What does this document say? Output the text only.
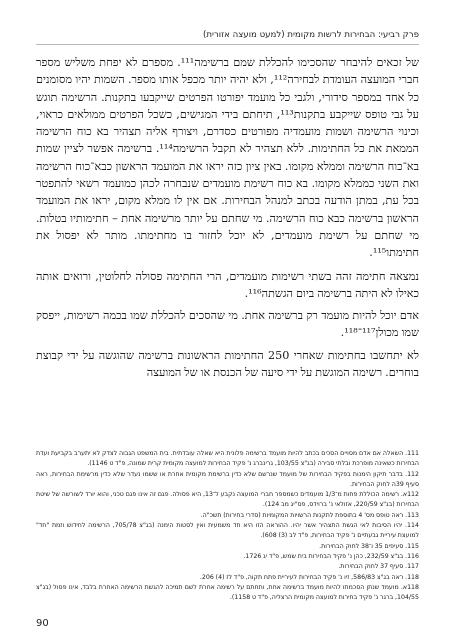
פרק רביעי: הבחירות לרשות מקומית (למעט מועצה אזורית)

של זכאים להיבחר שהסכימו להכללת שמם ברשימה¹¹¹. מספרם לא יפחת משליש מספר חברי המועצה העומדת לבחירה¹¹², ולא יהיה יותר מכפל אותו מספר. השמות יהיו מסומנים כל אחד במספר סידורי, ולגבי כל מועמד יפורטו הפרטים שייקבעו בתקנות. הרשימה תוגש על גבי טופס שייקבע בתקנות¹¹³, תיחתם בידי המגישים, כשכל הפרטים ממולאים כראוי, וכינוי הרשימה ושמות מועמדיה מפורטים כסדרם, ויצורף אליה תצהיר בא כוח הרשימה הממאת את כל החתימות. ללא תצהיר לא תקבל הרשימה¹¹⁴. ברשימה אפשר לציין שמות בא־כוח הרשימה וממלא מקומו. באין ציון כזה יראו את המועמד הראשון כבא־כוח הרשימה ואת השני כממלא מקומו. בא כוח רשימת מועמדים שנבחרה לכהן כמועמד רשאי להתפטר בכל עת, במתן הודעה בכתב למנהל הבחירות. אם אין לו ממלא מקום, יראו את המועמד הראשון ברשימה כבא כוח הרשימה. מי שחתם על יותר מרשימה אחת – חתימותיו בטלות. מי שחתם על רשימת מועמדים, לא יוכל לחזור בו מחתימתו. מותר לא יפסול את חתימתו¹¹⁵.

נמצאה חתימה זהה בשתי רשימות מועמדים, הרי החתימה פסולה לחלוטין, ורואים אותה כאילו לא היתה ברשימה ביום הגשתה¹¹⁶.

אדם יוכל להיות מועמד רק ברשימה אחת. מי שהסכים להכללת שמו בכמה רשימות, ייפסק שמו מכולן¹¹⁷־¹¹⁸.

לא יתחשבו בחתימות שאחרי 250 החתימות הראשונות ברשימה שהוגשה על ידי קבוצת בוחרים. רשימה המוגשת על ידי סיעה של הכנסת או של המועצה

111. השאלה אם אדם מסויים הסכים בכתב להיות מועמד ברשימה פלונית היא שאלה עובדתית. בית המשפט הגבוה לצדק לא יתערב בקביעת ועדת הבחירות כשאינה מופרכת ובלתי סבירה (בג"צ 103/55, גרינברג נ' פקיד הבחירות למועצה מקומית קרית שמונה, פ"ד ט 1146).

112. בדבר תיקון הימנות בפקיד הבחירות של מועמד שנרשם שלא כדין ברשימת מקומית אחרת או ששמו נעדר שלא כדין מרשימת הבחירות, ראה סעיף 39ה לחוק הבחירות.

112א. רשימה הכוללת פחות מ־1/3 מועמדים כשמספר חברי המועצה נקבע ל־13, היא פסולה. פגם זה אינו פגם טכני, והוא יורד לשורשה של שיטת הבחירות (בג"צ 220/59, אזולאי נ' ברוידס, פס"יג מב 124).

113. ראה טופס מס' 4 בתוספת לתקנות הרשויות המקומיות (סדרי בחירות) תשכ"ה.

114. יהיו הסיבות לאי הגשת התצהיר אשר יהיו. ההוראה הזו היא חד משמעית ואין לסטות הימנה (בג"צ 705/78, הרשימה לחידוש וזמת "חד" למועצת עיריית גבעתיים נ' פקיד הבחירות, פ"ד לב (3) 608).

115. סעיפים 35 ו־38 לחוק הבחירות.

116. בג"צ 232/59, כהן נ' פקיד הבחירות בית שמש, פ"ד יג 1726.

117. סעיף 37 לחוק הבחירות.

118. ראה בג"צ 586/83, זיו נ' פקיד הבחירות לעיריית פתח תקוה, פ"ד לז (4) 206.

118א. מועמד שנתן הסכמתו להיות מועמד ברשימה אחת, ותחתם על רשימה אחרת לשם תמיכה להגשת הרשימה האחרת בלבד, אינו פסול (בג"צ 104/55, ברגר נ' פקיד בחירות למועצה מקומית הרצליה, פ"ד ט 1158).

90
